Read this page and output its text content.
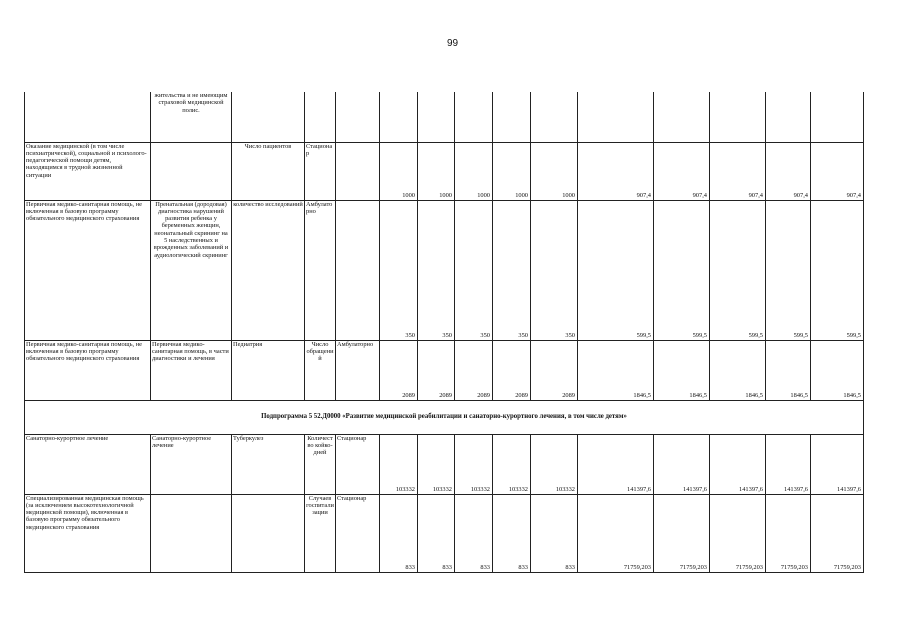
99
	жительства и не имеющим страховой медицинской полис.													
Оказание медицинской (в том числе психиатрической), социальной и психолого-педагогической помощи детям, находящимся в трудной жизненной ситуации		Число пациентов	Стационар		1000	1000	1000	1000	1000	907,4	907,4	907,4	907,4	907,4
Первичная медико-санитарная помощь, не включенная в базовую программу обязательного медицинского страхования	Пренатальная (дородовая) диагностика нарушений развития ребенка у беременных женщин, неонатальный скрининг на 5 наследственных и врожденных заболеваний и аудиологический скрининг	количество исследований	Амбулаторно		350	350	350	350	350	599,5	599,5	599,5	599,5	599,5
Первичная медико-санитарная помощь, не включенная в базовую программу обязательного медицинского страхования	Первичная медико-санитарная помощь, в части диагностики и лечения	Педиатрия	Число обращений	Амбулаторно	2089	2089	2089	2089	2089	1846,5	1846,5	1846,5	1846,5	1846,5
Подпрограмма 5 52.Д0000 «Развитие медицинской реабилитации и санаторно-курортного лечения, в том числе детям»														
Санаторно-курортное лечение	Санаторно-курортное лечение	Туберкулез	Количество койко-дней	Стационар	103332	103332	103332	103332	103332	141397,6	141397,6	141397,6	141397,6	141397,6
Специализированная медицинская помощь (за исключением высокотехнологичной медицинской помощи), включенная в базовую программу обязательного медицинского страхования			Случаев госпитализации	Стационар	833	833	833	833	833	71759,203	71759,203	71759,203	71759,203	71759,203
